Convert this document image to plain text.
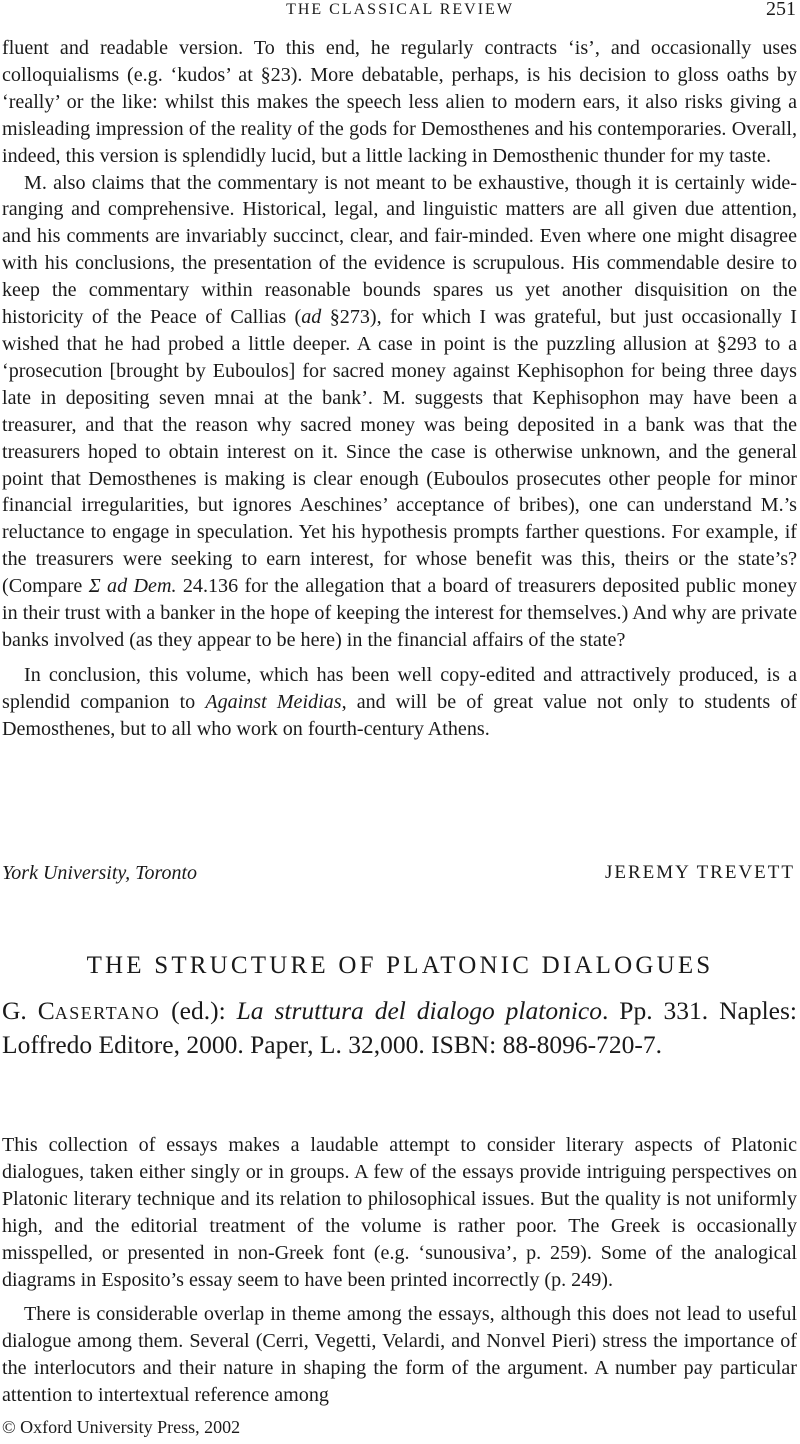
THE CLASSICAL REVIEW	251

fluent and readable version. To this end, he regularly contracts ‘is’, and occasionally uses colloquialisms (e.g. ‘kudos’ at §23). More debatable, perhaps, is his decision to gloss oaths by ‘really’ or the like: whilst this makes the speech less alien to modern ears, it also risks giving a misleading impression of the reality of the gods for Demosthenes and his contemporaries. Overall, indeed, this version is splendidly lucid, but a little lacking in Demosthenic thunder for my taste.

M. also claims that the commentary is not meant to be exhaustive, though it is certainly wide-ranging and comprehensive. Historical, legal, and linguistic matters are all given due attention, and his comments are invariably succinct, clear, and fair-minded. Even where one might disagree with his conclusions, the presentation of the evidence is scrupulous. His commendable desire to keep the commentary within reasonable bounds spares us yet another disquisition on the historicity of the Peace of Callias (ad §273), for which I was grateful, but just occasionally I wished that he had probed a little deeper. A case in point is the puzzling allusion at §293 to a ‘prosecution [brought by Euboulos] for sacred money against Kephisophon for being three days late in depositing seven mnai at the bank’. M. suggests that Kephisophon may have been a treasurer, and that the reason why sacred money was being deposited in a bank was that the treasurers hoped to obtain interest on it. Since the case is otherwise unknown, and the general point that Demosthenes is making is clear enough (Euboulos prosecutes other people for minor financial irregularities, but ignores Aeschines’ acceptance of bribes), one can understand M.’s reluctance to engage in speculation. Yet his hypothesis prompts farther questions. For example, if the treasurers were seeking to earn interest, for whose benefit was this, theirs or the state’s? (Compare Σ ad Dem. 24.136 for the allegation that a board of treasurers deposited public money in their trust with a banker in the hope of keeping the interest for themselves.) And why are private banks involved (as they appear to be here) in the financial affairs of the state?

In conclusion, this volume, which has been well copy-edited and attractively produced, is a splendid companion to Against Meidias, and will be of great value not only to students of Demosthenes, but to all who work on fourth-century Athens.

York University, Toronto	JEREMY TREVETT
THE STRUCTURE OF PLATONIC DIALOGUES
G. Casertano (ed.): La struttura del dialogo platonico. Pp. 331. Naples: Loffredo Editore, 2000. Paper, L. 32,000. ISBN: 88-8096-720-7.

This collection of essays makes a laudable attempt to consider literary aspects of Platonic dialogues, taken either singly or in groups. A few of the essays provide intriguing perspectives on Platonic literary technique and its relation to philosophical issues. But the quality is not uniformly high, and the editorial treatment of the volume is rather poor. The Greek is occasionally misspelled, or presented in non-Greek font (e.g. ‘sunousiva’, p. 259). Some of the analogical diagrams in Esposito’s essay seem to have been printed incorrectly (p. 249).

There is considerable overlap in theme among the essays, although this does not lead to useful dialogue among them. Several (Cerri, Vegetti, Velardi, and Nonvel Pieri) stress the importance of the interlocutors and their nature in shaping the form of the argument. A number pay particular attention to intertextual reference among

© Oxford University Press, 2002
